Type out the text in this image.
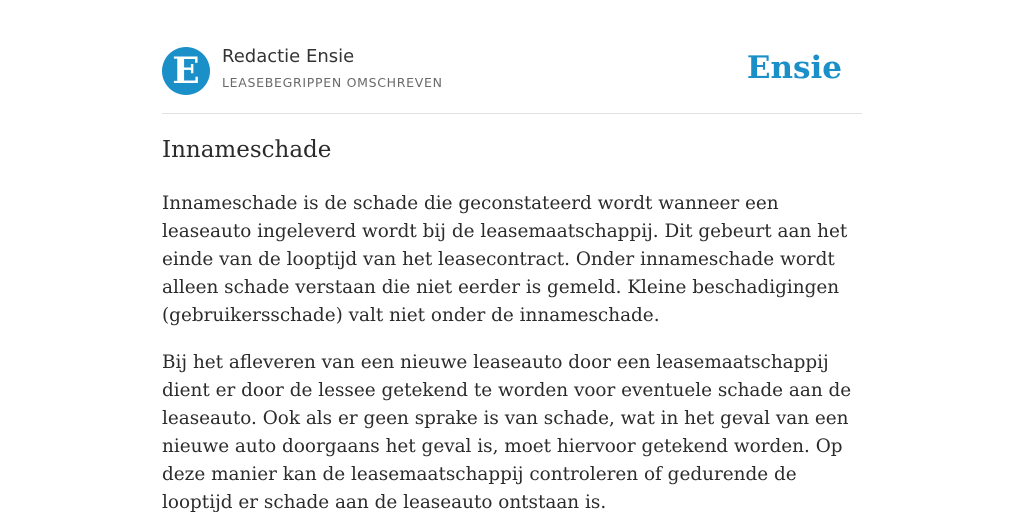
E	Redactie Ensie
LEASEBEGRIPPEN OMSCHREVEN	Ensie
Innameschade

Innameschade is de schade die geconstateerd wordt wanneer een leaseauto ingeleverd wordt bij de leasemaatschappij. Dit gebeurt aan het einde van de looptijd van het leasecontract. Onder innameschade wordt alleen schade verstaan die niet eerder is gemeld. Kleine beschadigingen (gebruikersschade) valt niet onder de innameschade.

Bij het afleveren van een nieuwe leaseauto door een leasemaatschappij dient er door de lessee getekend te worden voor eventuele schade aan de leaseauto. Ook als er geen sprake is van schade, wat in het geval van een nieuwe auto doorgaans het geval is, moet hiervoor getekend worden. Op deze manier kan de leasemaatschappij controleren of gedurende de looptijd er schade aan de leaseauto ontstaan is.
